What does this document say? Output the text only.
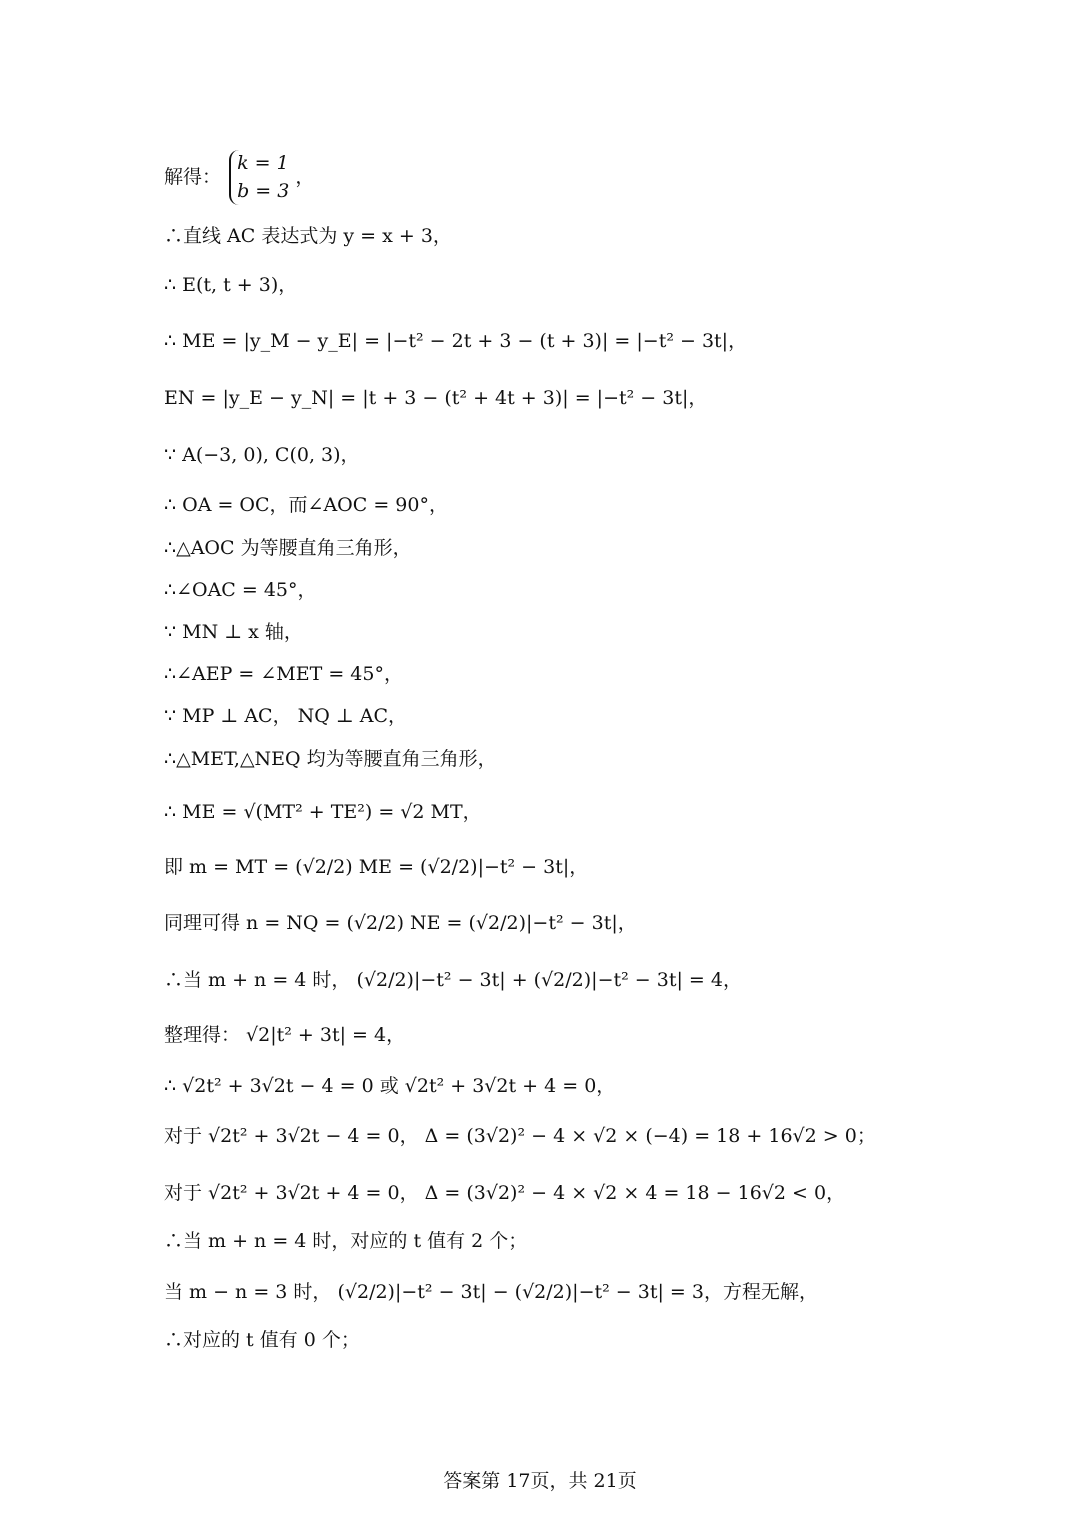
解得： k = 1
b = 3 ，
∴直线 AC 表达式为 y = x + 3，
∴ E(t, t + 3)，
∴ ME = |y_M − y_E| = |−t² − 2t + 3 − (t + 3)| = |−t² − 3t|，
EN = |y_E − y_N| = |t + 3 − (t² + 4t + 3)| = |−t² − 3t|，
∵ A(−3, 0), C(0, 3)，
∴ OA = OC，而∠AOC = 90°，
∴△AOC 为等腰直角三角形，
∴∠OAC = 45°，
∵ MN ⊥ x 轴，
∴∠AEP = ∠MET = 45°，
∵ MP ⊥ AC， NQ ⊥ AC，
∴△MET,△NEQ 均为等腰直角三角形，
∴ ME = √(MT² + TE²) = √2 MT，
即 m = MT = (√2/2) ME = (√2/2)|−t² − 3t|，
同理可得 n = NQ = (√2/2) NE = (√2/2)|−t² − 3t|，
∴当 m + n = 4 时， (√2/2)|−t² − 3t| + (√2/2)|−t² − 3t| = 4，
整理得： √2|t² + 3t| = 4，
∴ √2t² + 3√2t − 4 = 0 或 √2t² + 3√2t + 4 = 0，
对于 √2t² + 3√2t − 4 = 0， Δ = (3√2)² − 4 × √2 × (−4) = 18 + 16√2 > 0；
对于 √2t² + 3√2t + 4 = 0， Δ = (3√2)² − 4 × √2 × 4 = 18 − 16√2 < 0，
∴当 m + n = 4 时，对应的 t 值有 2 个；
当 m − n = 3 时， (√2/2)|−t² − 3t| − (√2/2)|−t² − 3t| = 3，方程无解，
∴对应的 t 值有 0 个；
答案第 17页，共 21页
